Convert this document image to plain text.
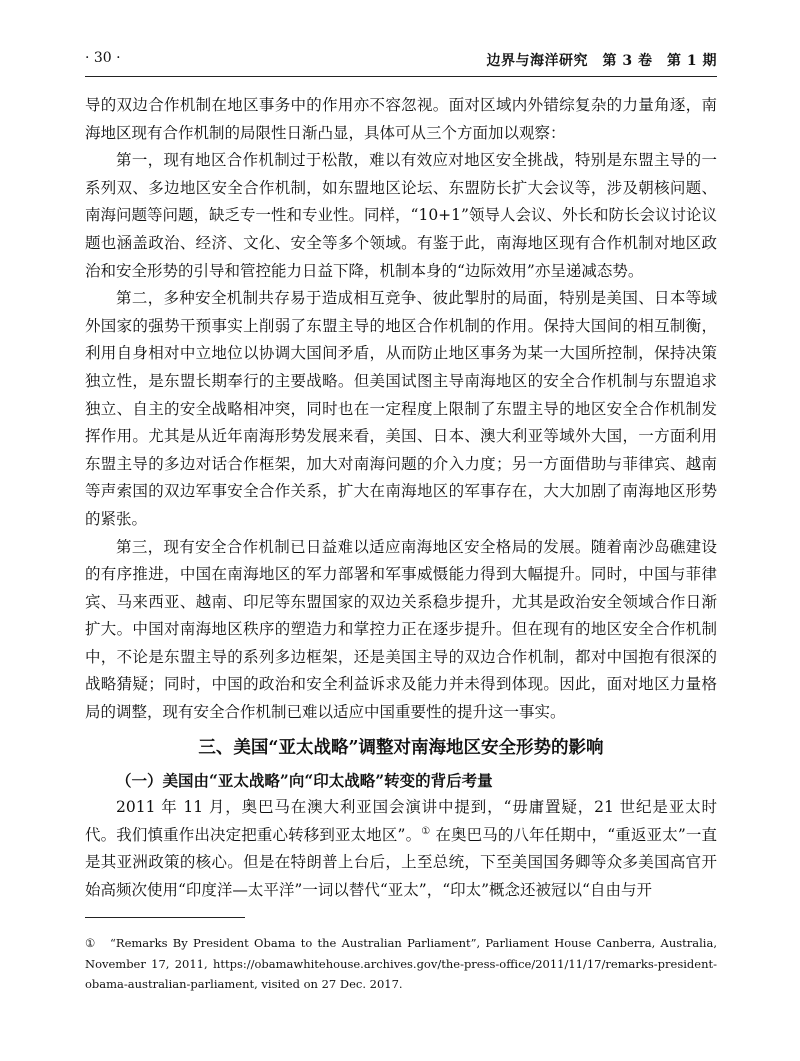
· 30 ·	边界与海洋研究　第 3 卷　第 1 期

导的双边合作机制在地区事务中的作用亦不容忽视。面对区域内外错综复杂的力量角逐，南海地区现有合作机制的局限性日渐凸显，具体可从三个方面加以观察：

第一，现有地区合作机制过于松散，难以有效应对地区安全挑战，特别是东盟主导的一系列双、多边地区安全合作机制，如东盟地区论坛、东盟防长扩大会议等，涉及朝核问题、南海问题等问题，缺乏专一性和专业性。同样，“10+1”领导人会议、外长和防长会议讨论议题也涵盖政治、经济、文化、安全等多个领域。有鉴于此，南海地区现有合作机制对地区政治和安全形势的引导和管控能力日益下降，机制本身的“边际效用”亦呈递减态势。

第二，多种安全机制共存易于造成相互竞争、彼此掣肘的局面，特别是美国、日本等域外国家的强势干预事实上削弱了东盟主导的地区合作机制的作用。保持大国间的相互制衡，利用自身相对中立地位以协调大国间矛盾，从而防止地区事务为某一大国所控制，保持决策独立性，是东盟长期奉行的主要战略。但美国试图主导南海地区的安全合作机制与东盟追求独立、自主的安全战略相冲突，同时也在一定程度上限制了东盟主导的地区安全合作机制发挥作用。尤其是从近年南海形势发展来看，美国、日本、澳大利亚等域外大国，一方面利用东盟主导的多边对话合作框架，加大对南海问题的介入力度；另一方面借助与菲律宾、越南等声索国的双边军事安全合作关系，扩大在南海地区的军事存在，大大加剧了南海地区形势的紧张。

第三，现有安全合作机制已日益难以适应南海地区安全格局的发展。随着南沙岛礁建设的有序推进，中国在南海地区的军力部署和军事威慑能力得到大幅提升。同时，中国与菲律宾、马来西亚、越南、印尼等东盟国家的双边关系稳步提升，尤其是政治安全领域合作日渐扩大。中国对南海地区秩序的塑造力和掌控力正在逐步提升。但在现有的地区安全合作机制中，不论是东盟主导的系列多边框架，还是美国主导的双边合作机制，都对中国抱有很深的战略猜疑；同时，中国的政治和安全利益诉求及能力并未得到体现。因此，面对地区力量格局的调整，现有安全合作机制已难以适应中国重要性的提升这一事实。

三、美国“亚太战略”调整对南海地区安全形势的影响

（一）美国由“亚太战略”向“印太战略”转变的背后考量

2011 年 11 月，奥巴马在澳大利亚国会演讲中提到，“毋庸置疑，21 世纪是亚太时代。我们慎重作出决定把重心转移到亚太地区”。① 在奥巴马的八年任期中，“重返亚太”一直是其亚洲政策的核心。但是在特朗普上台后，上至总统，下至美国国务卿等众多美国高官开始高频次使用“印度洋—太平洋”一词以替代“亚太”，“印太”概念还被冠以“自由与开

①　“Remarks By President Obama to the Australian Parliament”, Parliament House Canberra, Australia, November 17, 2011, https://obamawhitehouse.archives.gov/the-press-office/2011/11/17/remarks-president-obama-australian-parliament, visited on 27 Dec. 2017.
